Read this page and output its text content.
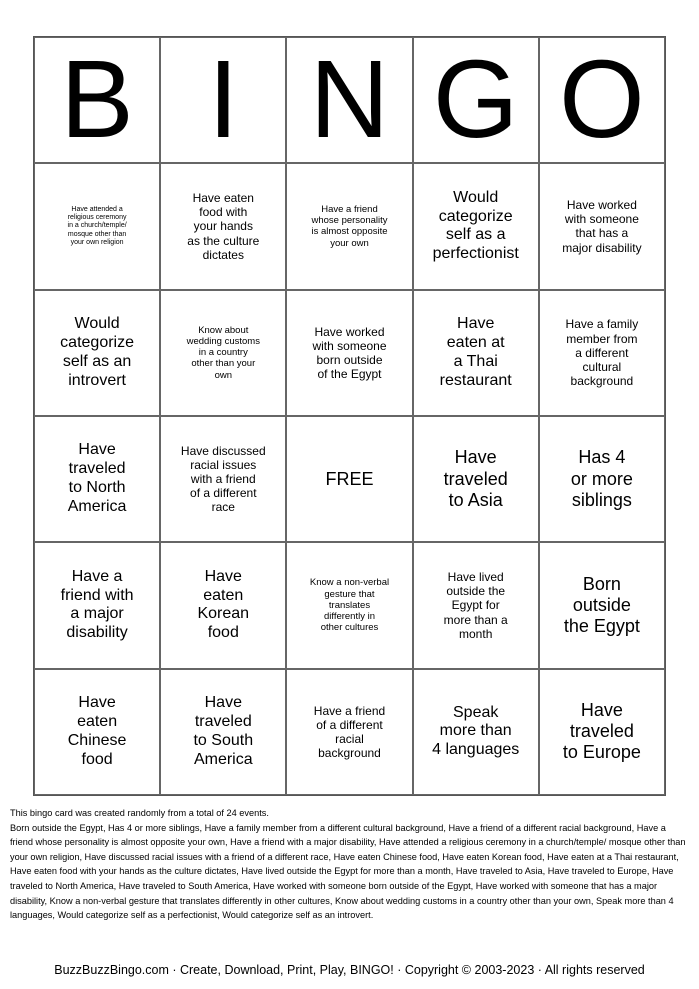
B I N G O
Have attended a
religious ceremony
in a church/temple/
mosque other than
your own religion
Have eaten
food with
your hands
as the culture
dictates
Have a friend
whose personality
is almost opposite
your own
Would
categorize
self as a
perfectionist
Have worked
with someone
that has a
major disability
Would
categorize
self as an
introvert
Know about
wedding customs
in a country
other than your
own
Have worked
with someone
born outside
of the Egypt
Have
eaten at
a Thai
restaurant
Have a family
member from
a different
cultural
background
Have
traveled
to North
America
Have discussed
racial issues
with a friend
of a different
race
FREE
Have
traveled
to Asia
Has 4
or more
siblings
Have a
friend with
a major
disability
Have
eaten
Korean
food
Know a non-verbal
gesture that
translates
differently in
other cultures
Have lived
outside the
Egypt for
more than a
month
Born
outside
the Egypt
Have
eaten
Chinese
food
Have
traveled
to South
America
Have a friend
of a different
racial
background
Speak
more than
4 languages
Have
traveled
to Europe
This bingo card was created randomly from a total of 24 events.
Born outside the Egypt, Has 4 or more siblings, Have a family member from a different cultural background, Have a friend of a different racial background, Have a friend whose personality is almost opposite your own, Have a friend with a major disability, Have attended a religious ceremony in a church/temple/ mosque other than your own religion, Have discussed racial issues with a friend of a different race, Have eaten Chinese food, Have eaten Korean food, Have eaten at a Thai restaurant, Have eaten food with your hands as the culture dictates, Have lived outside the Egypt for more than a month, Have traveled to Asia, Have traveled to Europe, Have traveled to North America, Have traveled to South America, Have worked with someone born outside of the Egypt, Have worked with someone that has a major disability, Know a non-verbal gesture that translates differently in other cultures, Know about wedding customs in a country other than your own, Speak more than 4 languages, Would categorize self as a perfectionist, Would categorize self as an introvert.
BuzzBuzzBingo.com · Create, Download, Print, Play, BINGO! · Copyright © 2003-2023 · All rights reserved
